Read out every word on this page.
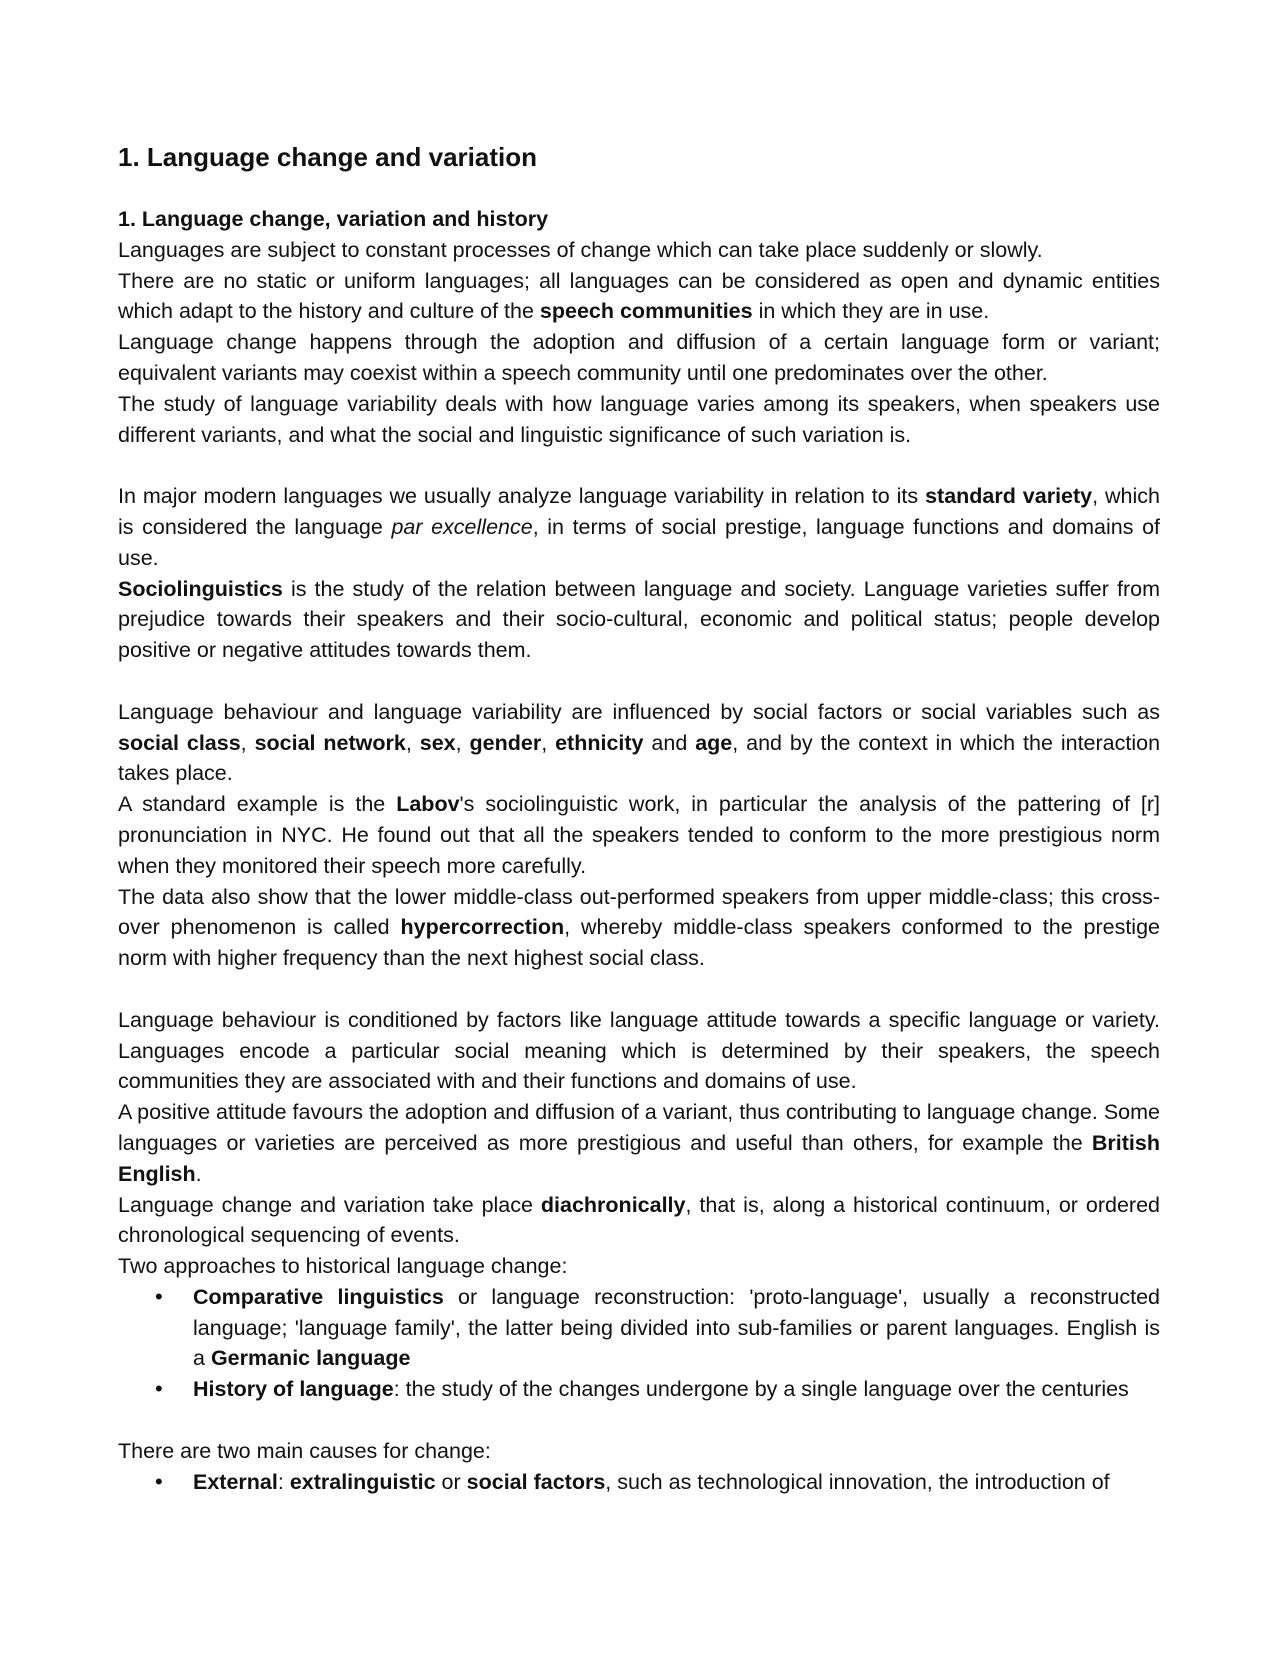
1. Language change and variation
1. Language change, variation and history

Languages are subject to constant processes of change which can take place suddenly or slowly.

There are no static or uniform languages; all languages can be considered as open and dynamic entities which adapt to the history and culture of the speech communities in which they are in use.

Language change happens through the adoption and diffusion of a certain language form or variant; equivalent variants may coexist within a speech community until one predominates over the other.

The study of language variability deals with how language varies among its speakers, when speakers use different variants, and what the social and linguistic significance of such variation is.

In major modern languages we usually analyze language variability in relation to its standard variety, which is considered the language par excellence, in terms of social prestige, language functions and domains of use.

Sociolinguistics is the study of the relation between language and society. Language varieties suffer from prejudice towards their speakers and their socio-cultural, economic and political status; people develop positive or negative attitudes towards them.

Language behaviour and language variability are influenced by social factors or social variables such as social class, social network, sex, gender, ethnicity and age, and by the context in which the interaction takes place.

A standard example is the Labov's sociolinguistic work, in particular the analysis of the pattering of [r] pronunciation in NYC. He found out that all the speakers tended to conform to the more prestigious norm when they monitored their speech more carefully.

The data also show that the lower middle-class out-performed speakers from upper middle-class; this cross-over phenomenon is called hypercorrection, whereby middle-class speakers conformed to the prestige norm with higher frequency than the next highest social class.

Language behaviour is conditioned by factors like language attitude towards a specific language or variety. Languages encode a particular social meaning which is determined by their speakers, the speech communities they are associated with and their functions and domains of use.

A positive attitude favours the adoption and diffusion of a variant, thus contributing to language change. Some languages or varieties are perceived as more prestigious and useful than others, for example the British English.

Language change and variation take place diachronically, that is, along a historical continuum, or ordered chronological sequencing of events.

Two approaches to historical language change:

• Comparative linguistics or language reconstruction: 'proto-language', usually a reconstructed language; 'language family', the latter being divided into sub-families or parent languages. English is a Germanic language
• History of language: the study of the changes undergone by a single language over the centuries

There are two main causes for change:

• External: extralinguistic or social factors, such as technological innovation, the introduction of
